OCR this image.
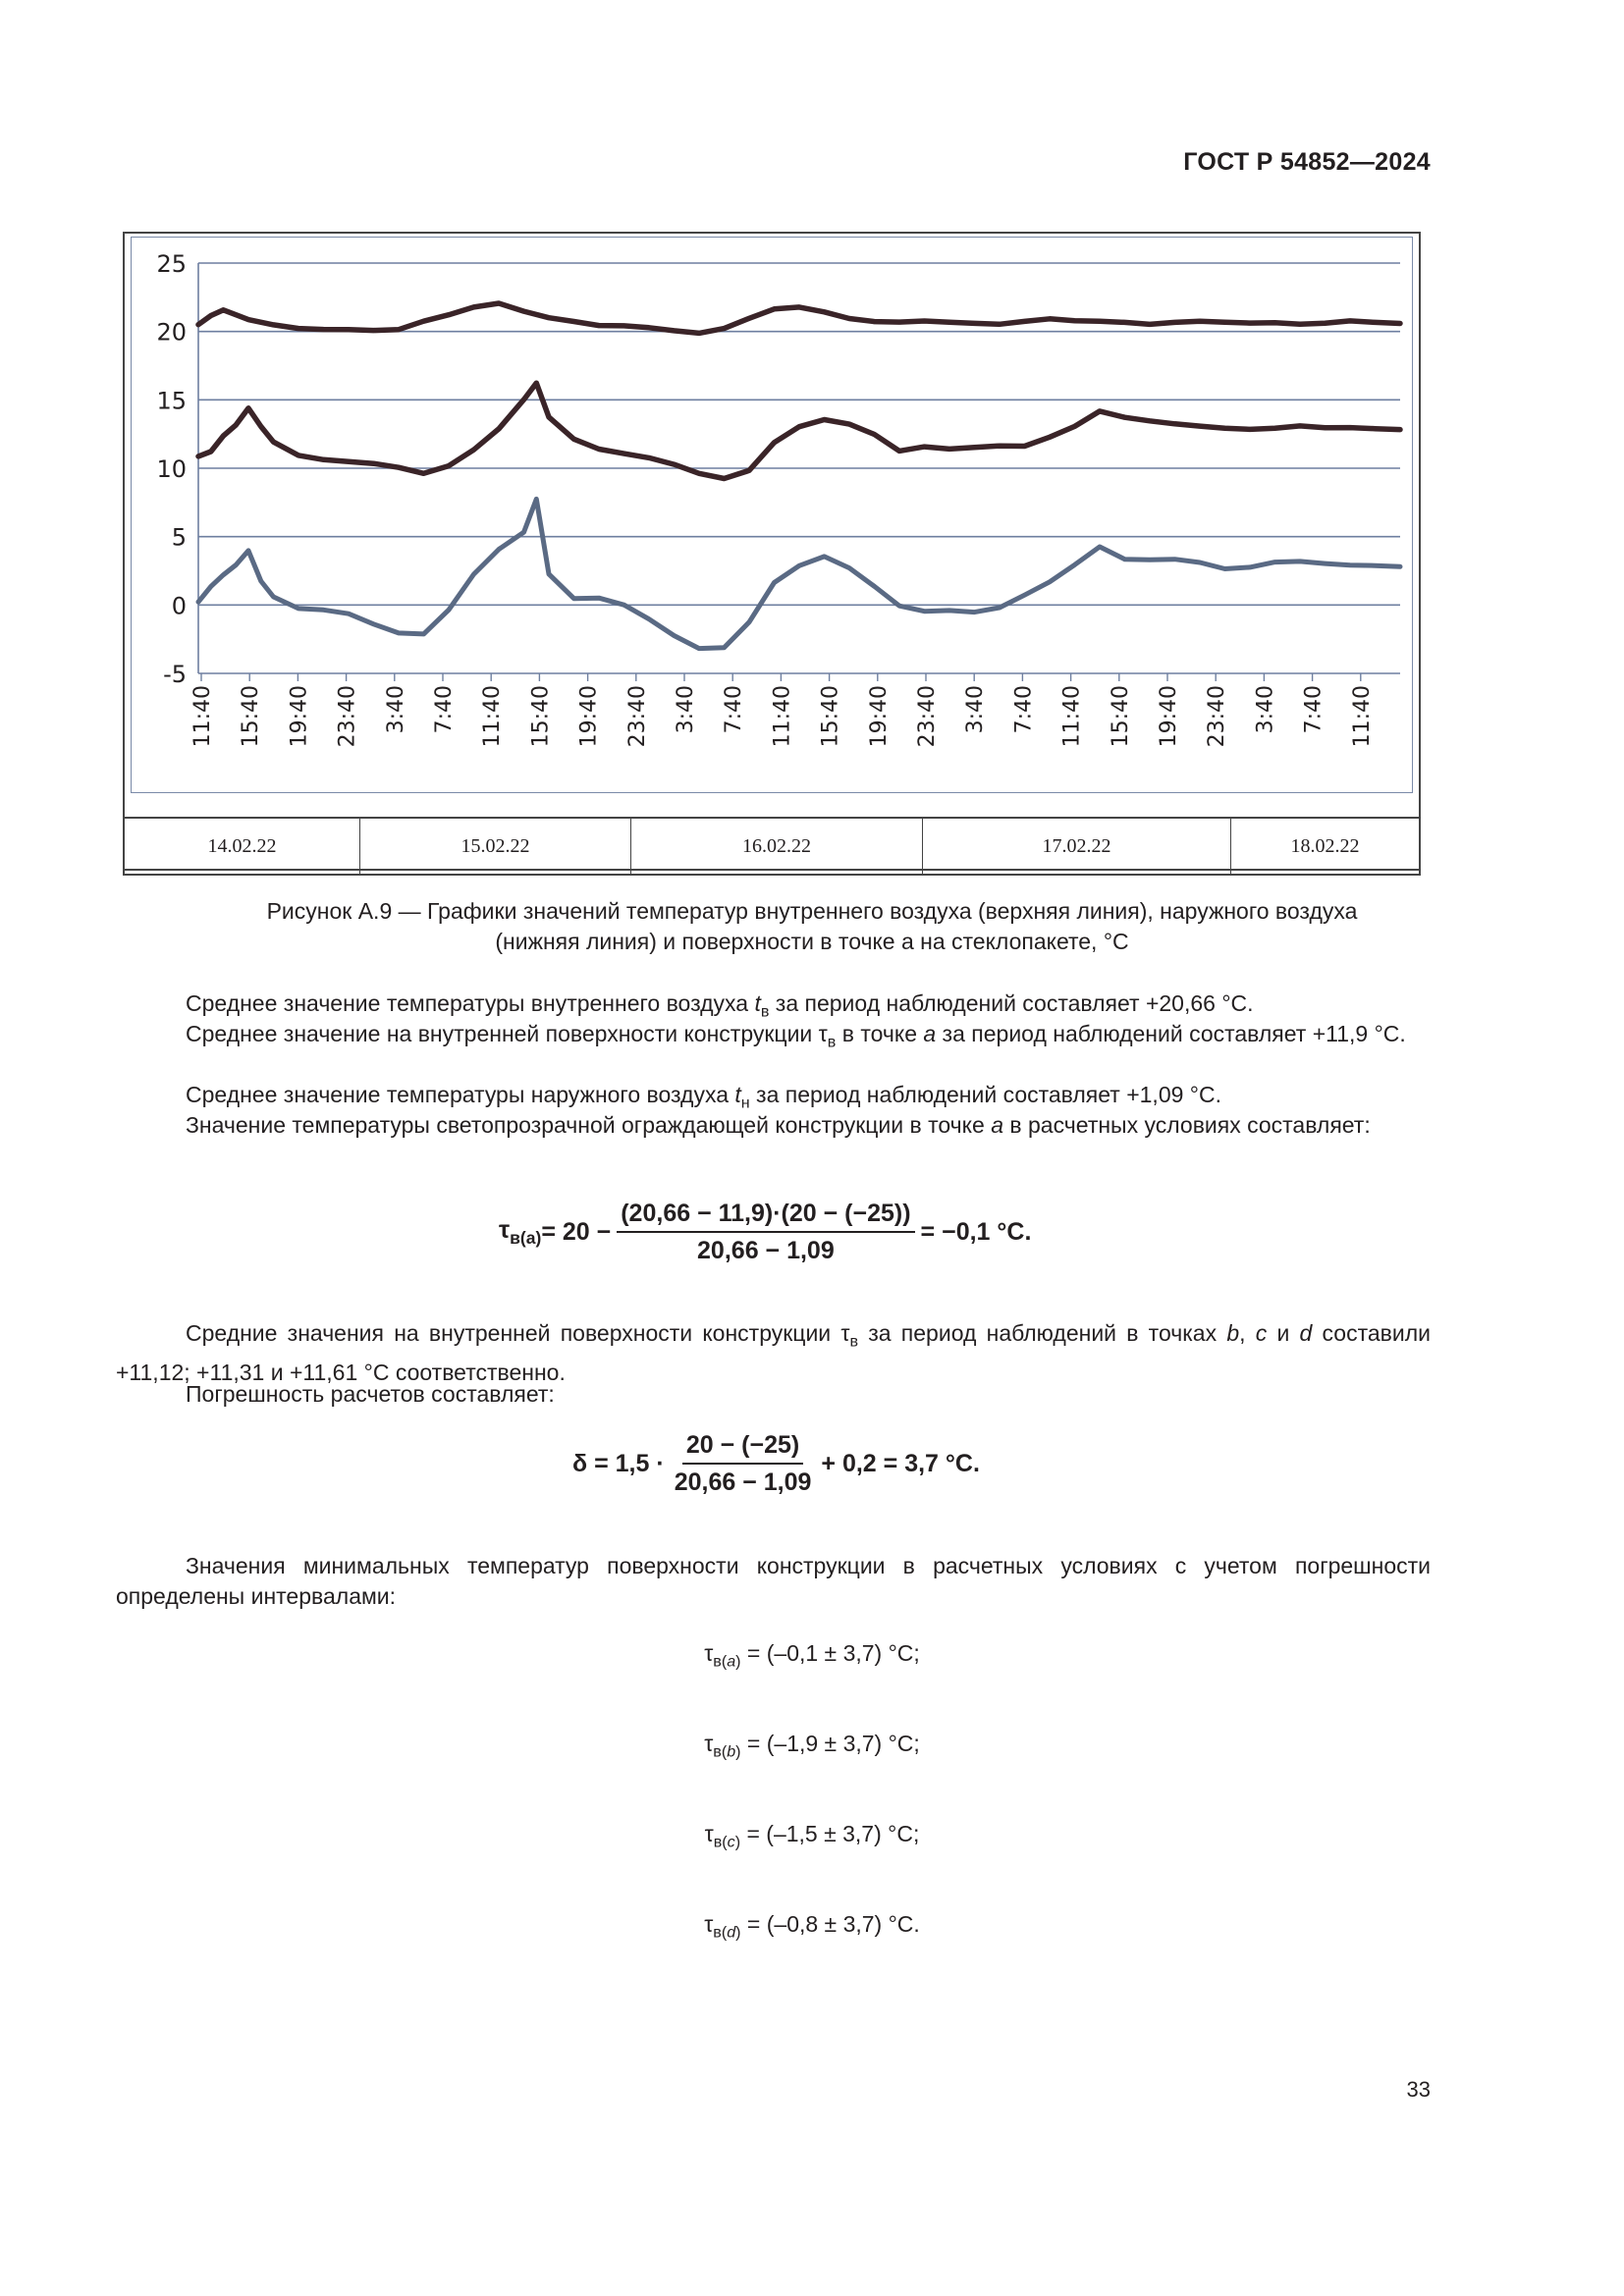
ГОСТ Р 54852—2024
25
20
15
10
5
0
-5
11:40 15:40 19:40 23:40 3:40 7:40 11:40 15:40 19:40 23:40 3:40 7:40 11:40 15:40 19:40 23:40 3:40 7:40 11:40 15:40 19:40 23:40 3:40 7:40 11:40
14.02.22	15.02.22	16.02.22	17.02.22	18.02.22
Рисунок А.9 — Графики значений температур внутреннего воздуха (верхняя линия), наружного воздуха
(нижняя линия) и поверхности в точке a на стеклопакете, °С
Среднее значение температуры внутреннего воздуха $t_в$ за период наблюдений составляет +20,66 °С.
Среднее значение на внутренней поверхности конструкции $\tau_в$ в точке a за период наблюдений составляет +11,9 °С.
Среднее значение температуры наружного воздуха $t_н$ за период наблюдений составляет +1,09 °С.
Значение температуры светопрозрачной ограждающей конструкции в точке a в расчетных условиях составляет:
$\tau_{в(a)} = 20 - \frac{(20,66 - 11,9)\cdot(20 - (-25))}{20,66 - 1,09} = -0,1$ °С.
Средние значения на внутренней поверхности конструкции $\tau_в$ за период наблюдений в точках b, c и d составили +11,12; +11,31 и +11,61 °С соответственно.
Погрешность расчетов составляет:
$\delta = 1,5 \cdot \frac{20 - (-25)}{20,66 - 1,09} + 0,2 = 3,7$ °С.
Значения минимальных температур поверхности конструкции в расчетных условиях с учетом погрешности определены интервалами:
$\tau_{в(a)} = (-0,1 \pm 3,7)$ °С;
$\tau_{в(b)} = (-1,9 \pm 3,7)$ °С;
$\tau_{в(c)} = (-1,5 \pm 3,7)$ °С;
$\tau_{в(d)} = (-0,8 \pm 3,7)$ °С.
33
